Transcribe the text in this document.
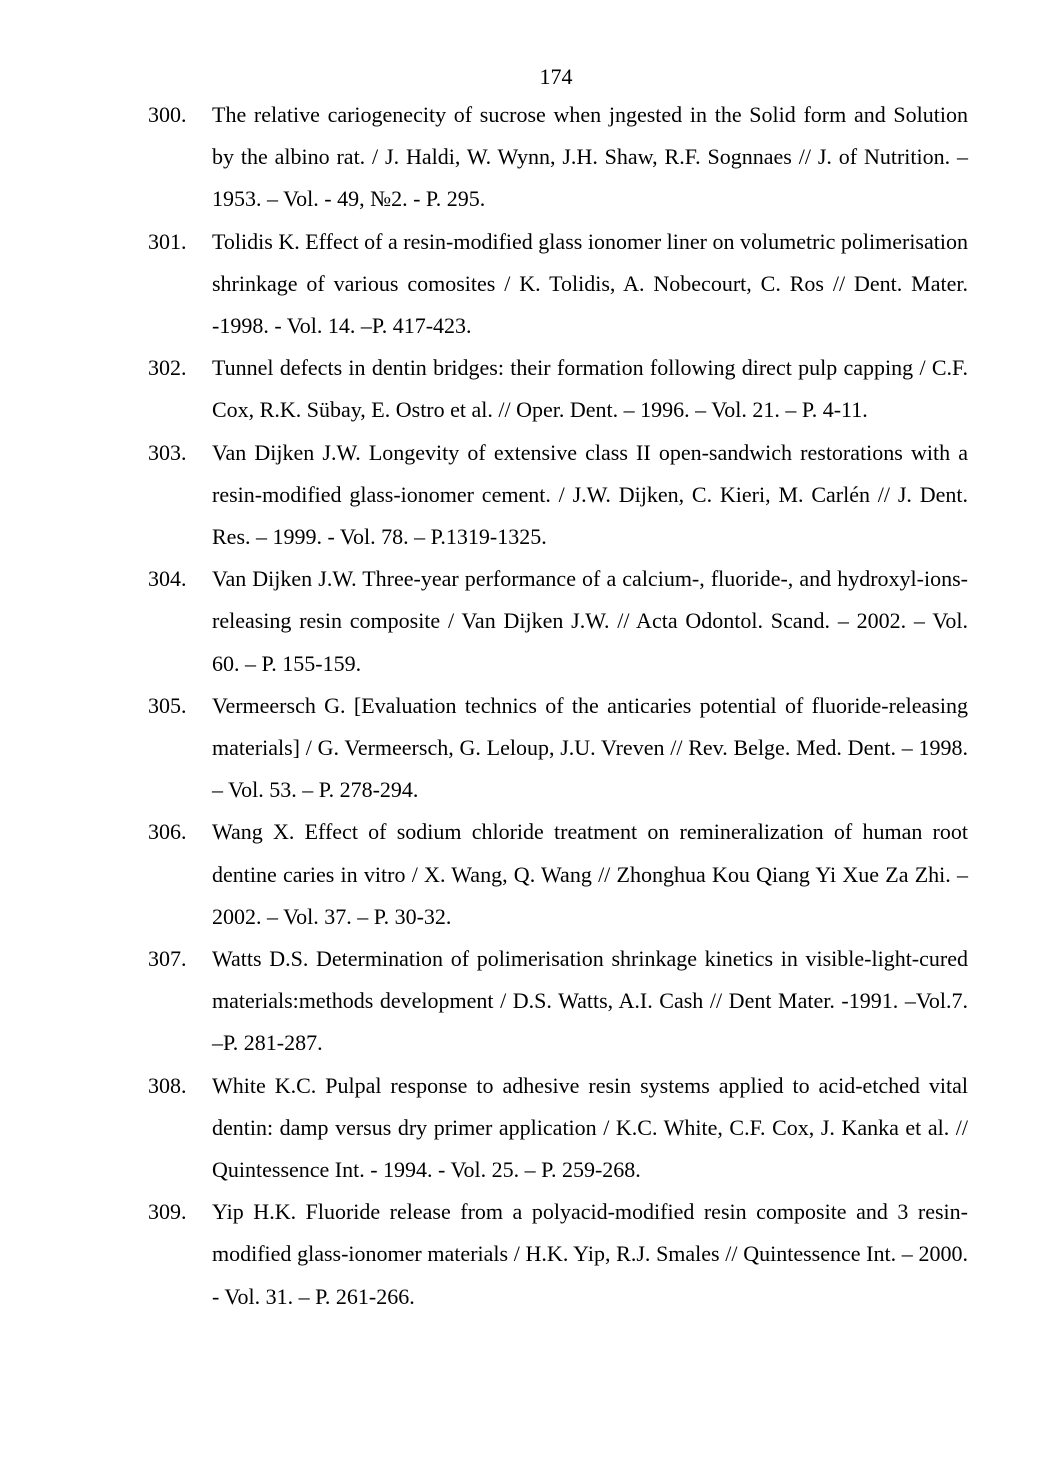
174
300. The relative cariogenecity of sucrose when jngested in the Solid form and Solution by the albino rat. / J. Haldi, W. Wynn, J.H. Shaw, R.F. Sognnaes // J. of Nutrition. – 1953. – Vol. - 49, №2. - P. 295.
301. Tolidis K. Effect of a resin-modified glass ionomer liner on volumetric polimerisation shrinkage of various comosites / K. Tolidis, A. Nobecourt, C. Ros // Dent. Mater. -1998. - Vol. 14. –P. 417-423.
302. Tunnel defects in dentin bridges: their formation following direct pulp capping / C.F. Cox, R.K. Sübay, E. Ostro et al. // Oper. Dent. – 1996. – Vol. 21. – P. 4-11.
303. Van Dijken J.W. Longevity of extensive class II open-sandwich restorations with a resin-modified glass-ionomer cement. / J.W. Dijken, C. Kieri, M. Carlén // J. Dent. Res. – 1999. - Vol. 78. – P.1319-1325.
304. Van Dijken J.W. Three-year performance of a calcium-, fluoride-, and hydroxyl-ions-releasing resin composite / Van Dijken J.W. // Acta Odontol. Scand. – 2002. – Vol. 60. – P. 155-159.
305. Vermeersch G. [Evaluation technics of the anticaries potential of fluoride-releasing materials] / G. Vermeersch, G. Leloup, J.U. Vreven // Rev. Belge. Med. Dent. – 1998. – Vol. 53. – P. 278-294.
306. Wang X. Effect of sodium chloride treatment on remineralization of human root dentine caries in vitro / X. Wang, Q. Wang // Zhonghua Kou Qiang Yi Xue Za Zhi. – 2002. – Vol. 37. – P. 30-32.
307. Watts D.S. Determination of polimerisation shrinkage kinetics in visible-light-cured materials:methods development / D.S. Watts, A.I. Cash // Dent Mater. -1991. –Vol.7. –P. 281-287.
308. White K.C. Pulpal response to adhesive resin systems applied to acid-etched vital dentin: damp versus dry primer application / K.C. White, C.F. Cox, J. Kanka et al. // Quintessence Int. - 1994. - Vol. 25. – P. 259-268.
309. Yip H.K. Fluoride release from a polyacid-modified resin composite and 3 resin-modified glass-ionomer materials / H.K. Yip, R.J. Smales // Quintessence Int. – 2000. - Vol. 31. – P. 261-266.
